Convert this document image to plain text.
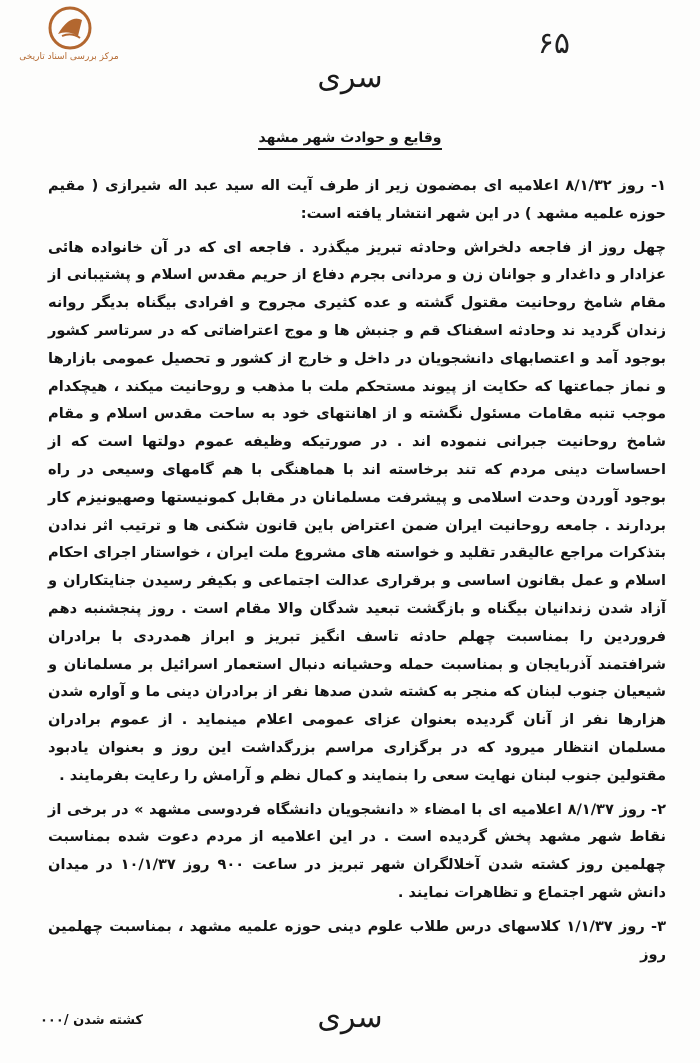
مرکز بررسی اسناد تاریخی	۶۵
سری
وقایع و حوادث شهر مشهد

۱- روز ۸/۱/۳۲ اعلامیه ای بمضمون زیر از طرف آیت اله سید عبد اله شیرازی ( مقیم حوزه علمیه مشهد ) در این شهر انتشار یافته است:

چهل روز از فاجعه دلخراش وحادثه تبریز میگذرد . فاجعه ای که در آن خانواده هائی عزادار و داغدار و جوانان زن و مردانی بجرم دفاع از حریم مقدس اسلام و پشتیبانی از مقام شامخ روحانیت مقتول گشته و عده کثیری مجروح و افرادی بیگناه بدیگر روانه زندان گردید ند وحادثه اسفناک قم و جنبش ها و موج اعتراضاتی که در سرتاسر کشور بوجود آمد و اعتصابهای دانشجویان در داخل و خارج از کشور و تحصیل عمومی بازارها و نماز جماعتها که حکایت از پیوند مستحکم ملت با مذهب و روحانیت میکند ، هیچکدام موجب تنبه مقامات مسئول نگشته و از اهانتهای خود به ساحت مقدس اسلام و مقام شامخ روحانیت جبرانی ننموده اند . در صورتیکه وظیفه عموم دولتها است که از احساسات دینی مردم که تند برخاسته اند با هماهنگی با هم گامهای وسیعی در راه بوجود آوردن وحدت اسلامی و پیشرفت مسلمانان در مقابل کمونیستها وصهیونیزم کار بردارند . جامعه روحانیت ایران ضمن اعتراض باین قانون شکنی ها و ترتیب اثر ندادن بتذکرات مراجع عالیقدر تقلید و خواسته های مشروع ملت ایران ، خواستار اجرای احکام اسلام و عمل بقانون اساسی و برقراری عدالت اجتماعی و بکیفر رسیدن جنایتکاران و آزاد شدن زندانیان بیگناه و بازگشت تبعید شدگان والا مقام است . روز پنجشنبه دهم فروردین را بمناسبت چهلم حادثه تاسف انگیز تبریز و ابراز همدردی با برادران شرافتمند آذربایجان و بمناسبت حمله وحشیانه دنبال استعمار اسرائیل بر مسلمانان و شیعیان جنوب لبنان که منجر به کشته شدن صدها نفر از برادران دینی ما و آواره شدن هزارها نفر از آنان گردیده بعنوان عزای عمومی اعلام مینماید . از عموم برادران مسلمان انتظار میرود که در برگزاری مراسم بزرگداشت این روز و بعنوان یادبود مقتولین جنوب لبنان نهایت سعی را بنمایند و کمال نظم و آرامش را رعایت بفرمایند .

۲- روز ۸/۱/۳۷ اعلامیه ای با امضاء « دانشجویان دانشگاه فردوسی مشهد » در برخی از نقاط شهر مشهد پخش گردیده است . در این اعلامیه از مردم دعوت شده بمناسبت چهلمین روز کشته شدن آخلالگران شهر تبریز در ساعت ۹۰۰ روز ۱۰/۱/۳۷ در میدان دانش شهر اجتماع و تظاهرات نمایند .

۳- روز ۱/۱/۳۷ کلاسهای درس طلاب علوم دینی حوزه علمیه مشهد ، بمناسبت چهلمین روز

کشته شدن /۰۰۰	سری
